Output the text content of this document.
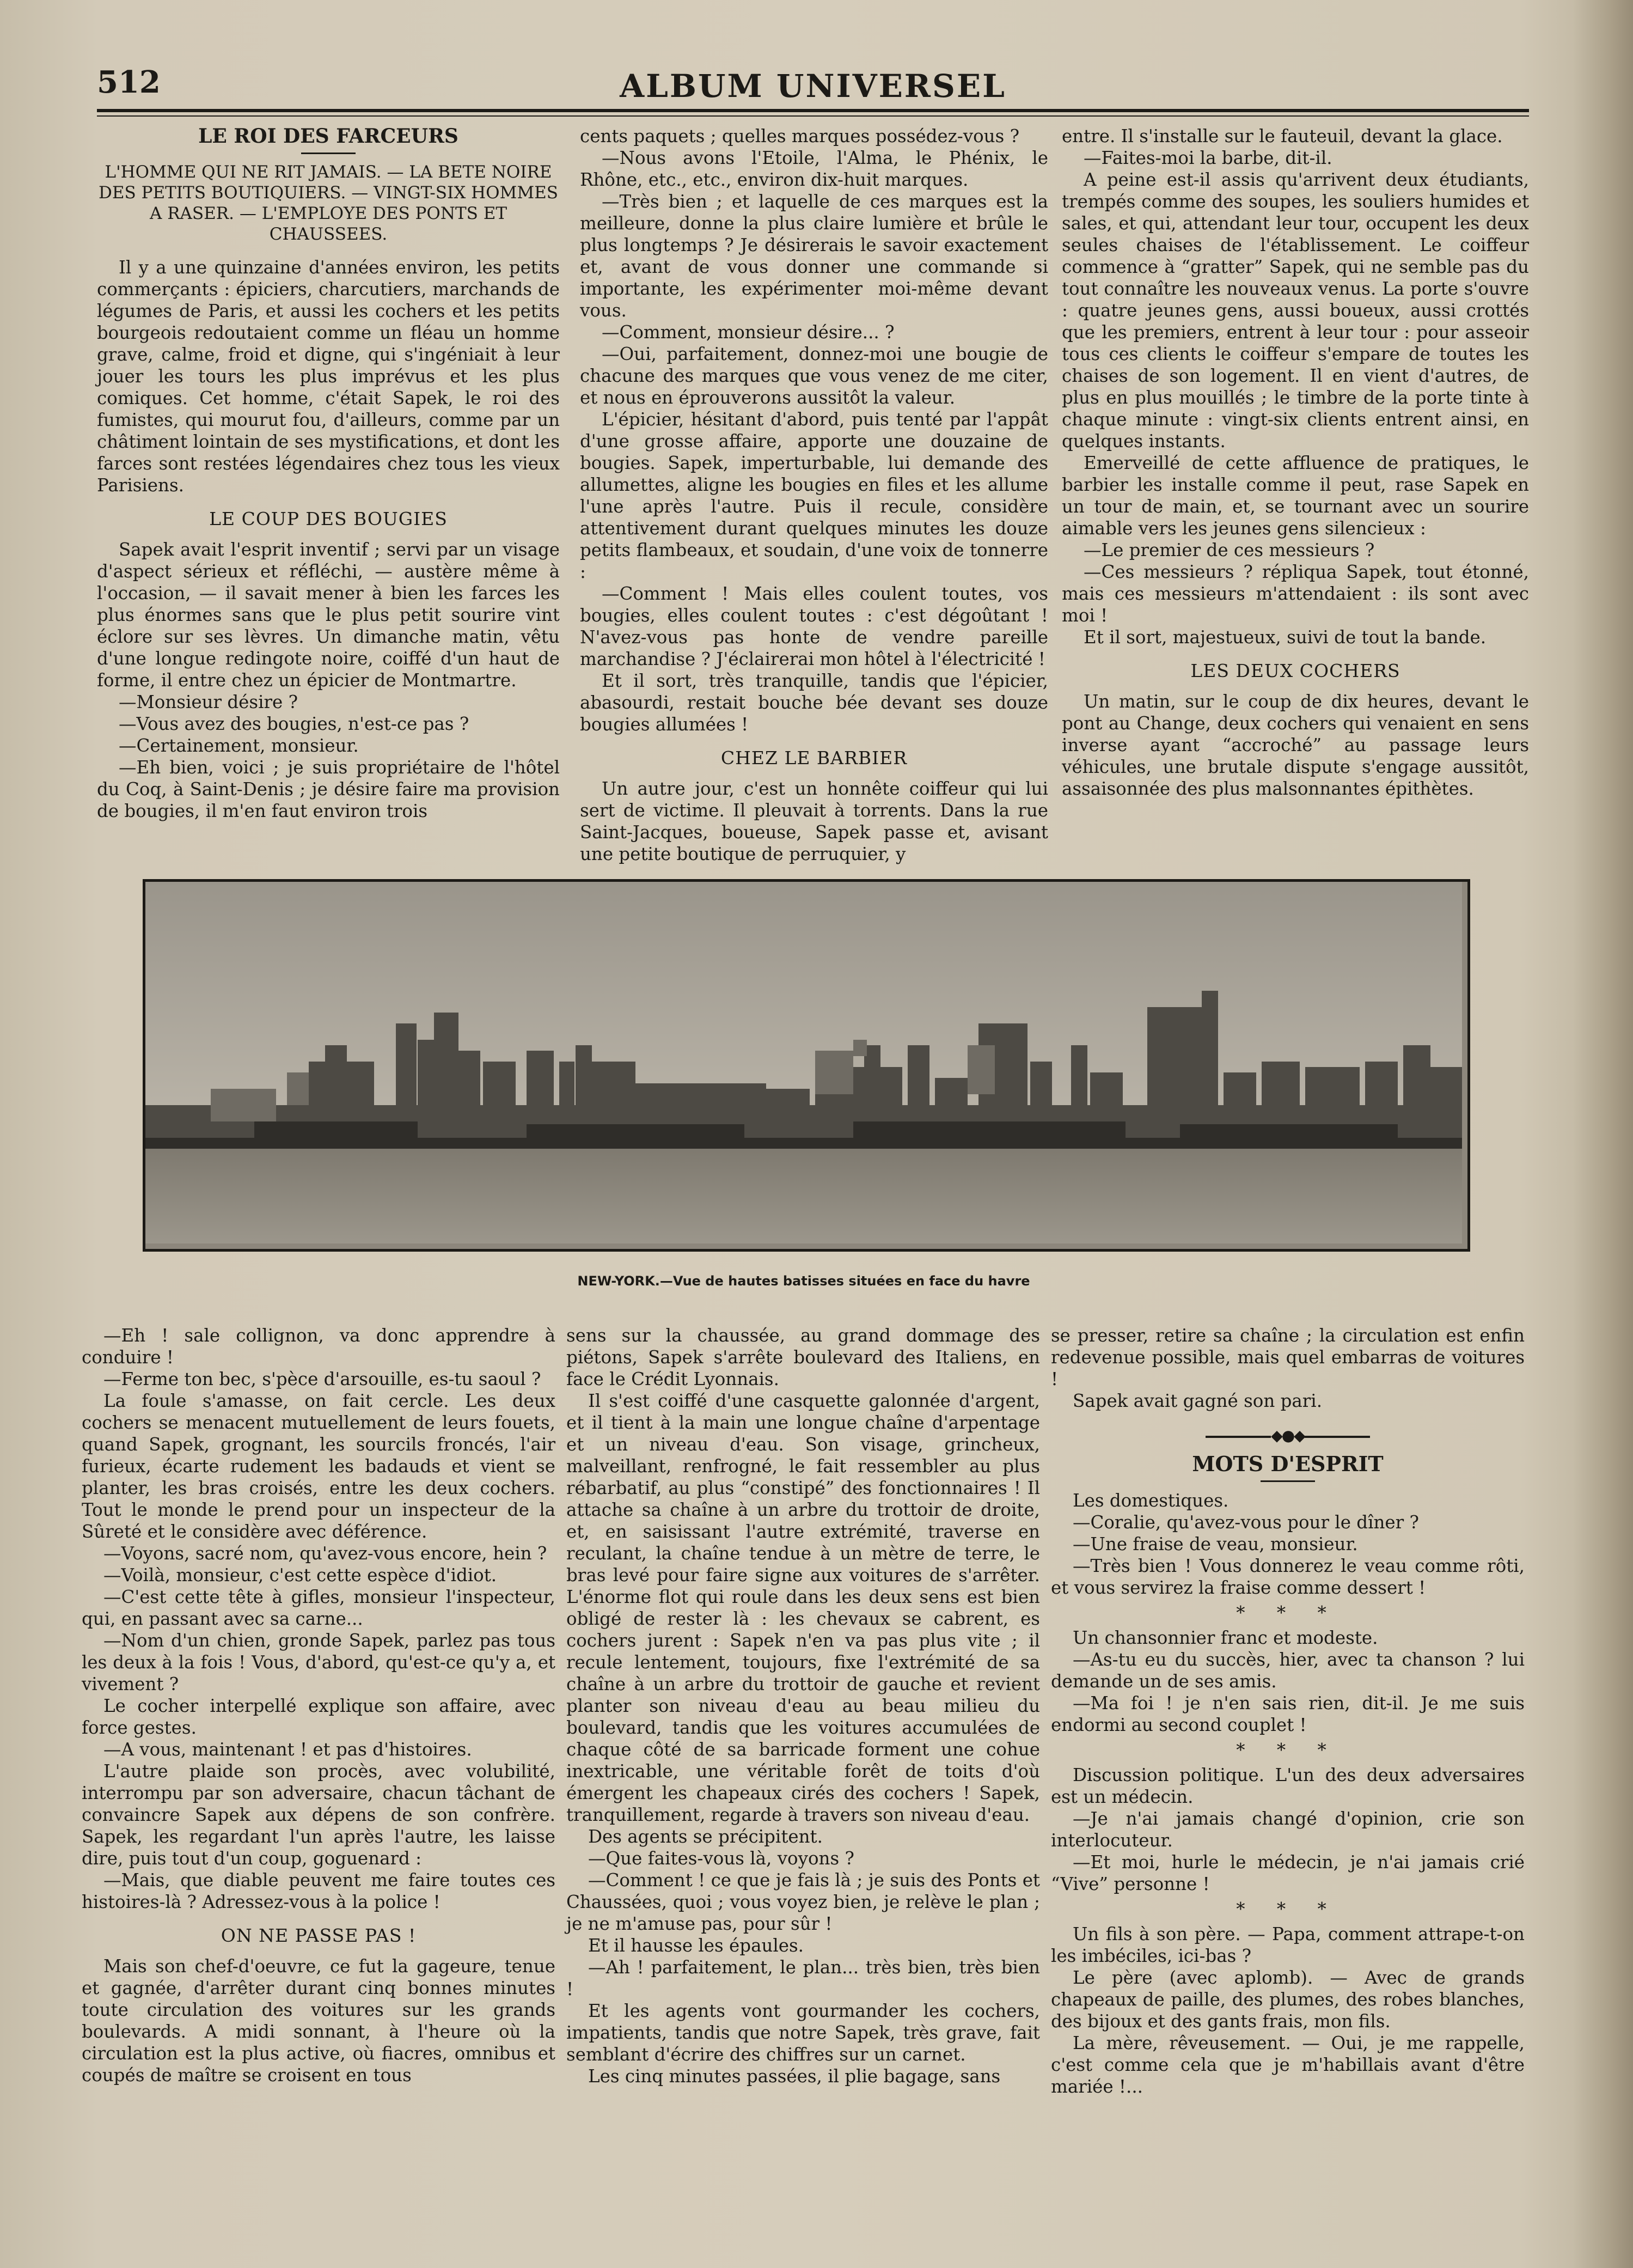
512	ALBUM UNIVERSEL
LE ROI DES FARCEURS
L'HOMME QUI NE RIT JAMAIS. — LA BETE NOIRE DES PETITS BOUTIQUIERS. — VINGT-SIX HOMMES A RASER. — L'EMPLOYE DES PONTS ET CHAUSSEES.

Il y a une quinzaine d'années environ, les petits commerçants : épiciers, charcutiers, marchands de légumes de Paris, et aussi les cochers et les petits bourgeois redoutaient comme un fléau un homme grave, calme, froid et digne, qui s'ingéniait à leur jouer les tours les plus imprévus et les plus comiques. Cet homme, c'était Sapek, le roi des fumistes, qui mourut fou, d'ailleurs, comme par un châtiment lointain de ses mystifications, et dont les farces sont restées légendaires chez tous les vieux Parisiens.

LE COUP DES BOUGIES

Sapek avait l'esprit inventif ; servi par un visage d'aspect sérieux et réfléchi, — austère même à l'occasion, — il savait mener à bien les farces les plus énormes sans que le plus petit sourire vint éclore sur ses lèvres. Un dimanche matin, vêtu d'une longue redingote noire, coiffé d'un haut de forme, il entre chez un épicier de Montmartre.

—Monsieur désire ?

—Vous avez des bougies, n'est-ce pas ?

—Certainement, monsieur.

—Eh bien, voici ; je suis propriétaire de l'hôtel du Coq, à Saint-Denis ; je désire faire ma provision de bougies, il m'en faut environ trois

cents paquets ; quelles marques possédez-vous ?

—Nous avons l'Etoile, l'Alma, le Phénix, le Rhône, etc., etc., environ dix-huit marques.

—Très bien ; et laquelle de ces marques est la meilleure, donne la plus claire lumière et brûle le plus longtemps ? Je désirerais le savoir exactement et, avant de vous donner une commande si importante, les expérimenter moi-même devant vous.

—Comment, monsieur désire... ?

—Oui, parfaitement, donnez-moi une bougie de chacune des marques que vous venez de me citer, et nous en éprouverons aussitôt la valeur.

L'épicier, hésitant d'abord, puis tenté par l'appât d'une grosse affaire, apporte une douzaine de bougies. Sapek, imperturbable, lui demande des allumettes, aligne les bougies en files et les allume l'une après l'autre. Puis il recule, considère attentivement durant quelques minutes les douze petits flambeaux, et soudain, d'une voix de tonnerre :

—Comment ! Mais elles coulent toutes, vos bougies, elles coulent toutes : c'est dégoûtant ! N'avez-vous pas honte de vendre pareille marchandise ? J'éclairerai mon hôtel à l'électricité !

Et il sort, très tranquille, tandis que l'épicier, abasourdi, restait bouche bée devant ses douze bougies allumées !

CHEZ LE BARBIER

Un autre jour, c'est un honnête coiffeur qui lui sert de victime. Il pleuvait à torrents. Dans la rue Saint-Jacques, boueuse, Sapek passe et, avisant une petite boutique de perruquier, y

entre. Il s'installe sur le fauteuil, devant la glace.

—Faites-moi la barbe, dit-il.

A peine est-il assis qu'arrivent deux étudiants, trempés comme des soupes, les souliers humides et sales, et qui, attendant leur tour, occupent les deux seules chaises de l'établissement. Le coiffeur commence à “gratter” Sapek, qui ne semble pas du tout connaître les nouveaux venus. La porte s'ouvre : quatre jeunes gens, aussi boueux, aussi crottés que les premiers, entrent à leur tour : pour asseoir tous ces clients le coiffeur s'empare de toutes les chaises de son logement. Il en vient d'autres, de plus en plus mouillés ; le timbre de la porte tinte à chaque minute : vingt-six clients entrent ainsi, en quelques instants.

Emerveillé de cette affluence de pratiques, le barbier les installe comme il peut, rase Sapek en un tour de main, et, se tournant avec un sourire aimable vers les jeunes gens silencieux :

—Le premier de ces messieurs ?

—Ces messieurs ? répliqua Sapek, tout étonné, mais ces messieurs m'attendaient : ils sont avec moi !

Et il sort, majestueux, suivi de tout la bande.

LES DEUX COCHERS

Un matin, sur le coup de dix heures, devant le pont au Change, deux cochers qui venaient en sens inverse ayant “accroché” au passage leurs véhicules, une brutale dispute s'engage aussitôt, assaisonnée des plus malsonnantes épithètes.

NEW-YORK.—Vue de hautes batisses situées en face du havre

—Eh ! sale collignon, va donc apprendre à conduire !

—Ferme ton bec, s'pèce d'arsouille, es-tu saoul ?

La foule s'amasse, on fait cercle. Les deux cochers se menacent mutuellement de leurs fouets, quand Sapek, grognant, les sourcils froncés, l'air furieux, écarte rudement les badauds et vient se planter, les bras croisés, entre les deux cochers. Tout le monde le prend pour un inspecteur de la Sûreté et le considère avec déférence.

—Voyons, sacré nom, qu'avez-vous encore, hein ?

—Voilà, monsieur, c'est cette espèce d'idiot.

—C'est cette tête à gifles, monsieur l'inspecteur, qui, en passant avec sa carne...

—Nom d'un chien, gronde Sapek, parlez pas tous les deux à la fois ! Vous, d'abord, qu'est-ce qu'y a, et vivement ?

Le cocher interpellé explique son affaire, avec force gestes.

—A vous, maintenant ! et pas d'histoires.

L'autre plaide son procès, avec volubilité, interrompu par son adversaire, chacun tâchant de convaincre Sapek aux dépens de son confrère. Sapek, les regardant l'un après l'autre, les laisse dire, puis tout d'un coup, goguenard :

—Mais, que diable peuvent me faire toutes ces histoires-là ? Adressez-vous à la police !

ON NE PASSE PAS !

Mais son chef-d'oeuvre, ce fut la gageure, tenue et gagnée, d'arrêter durant cinq bonnes minutes toute circulation des voitures sur les grands boulevards. A midi sonnant, à l'heure où la circulation est la plus active, où fiacres, omnibus et coupés de maître se croisent en tous

sens sur la chaussée, au grand dommage des piétons, Sapek s'arrête boulevard des Italiens, en face le Crédit Lyonnais.

Il s'est coiffé d'une casquette galonnée d'argent, et il tient à la main une longue chaîne d'arpentage et un niveau d'eau. Son visage, grincheux, malveillant, renfrogné, le fait ressembler au plus rébarbatif, au plus “constipé” des fonctionnaires ! Il attache sa chaîne à un arbre du trottoir de droite, et, en saisissant l'autre extrémité, traverse en reculant, la chaîne tendue à un mètre de terre, le bras levé pour faire signe aux voitures de s'arrêter. L'énorme flot qui roule dans les deux sens est bien obligé de rester là : les chevaux se cabrent, es cochers jurent : Sapek n'en va pas plus vite ; il recule lentement, toujours, fixe l'extrémité de sa chaîne à un arbre du trottoir de gauche et revient planter son niveau d'eau au beau milieu du boulevard, tandis que les voitures accumulées de chaque côté de sa barricade forment une cohue inextricable, une véritable forêt de toits d'où émergent les chapeaux cirés des cochers ! Sapek, tranquillement, regarde à travers son niveau d'eau.

Des agents se précipitent.

—Que faites-vous là, voyons ?

—Comment ! ce que je fais là ; je suis des Ponts et Chaussées, quoi ; vous voyez bien, je relève le plan ; je ne m'amuse pas, pour sûr !

Et il hausse les épaules.

—Ah ! parfaitement, le plan... très bien, très bien !

Et les agents vont gourmander les cochers, impatients, tandis que notre Sapek, très grave, fait semblant d'écrire des chiffres sur un carnet.

Les cinq minutes passées, il plie bagage, sans

se presser, retire sa chaîne ; la circulation est enfin redevenue possible, mais quel embarras de voitures !

Sapek avait gagné son pari.

◆●◆
MOTS D'ESPRIT

Les domestiques.

—Coralie, qu'avez-vous pour le dîner ?

—Une fraise de veau, monsieur.

—Très bien ! Vous donnerez le veau comme rôti, et vous servirez la fraise comme dessert !

* * *

Un chansonnier franc et modeste.

—As-tu eu du succès, hier, avec ta chanson ? lui demande un de ses amis.

—Ma foi ! je n'en sais rien, dit-il. Je me suis endormi au second couplet !

* * *

Discussion politique. L'un des deux adversaires est un médecin.

—Je n'ai jamais changé d'opinion, crie son interlocuteur.

—Et moi, hurle le médecin, je n'ai jamais crié “Vive” personne !

* * *

Un fils à son père. — Papa, comment attrape-t-on les imbéciles, ici-bas ?

Le père (avec aplomb). — Avec de grands chapeaux de paille, des plumes, des robes blanches, des bijoux et des gants frais, mon fils.

La mère, rêveusement. — Oui, je me rappelle, c'est comme cela que je m'habillais avant d'être mariée !...
